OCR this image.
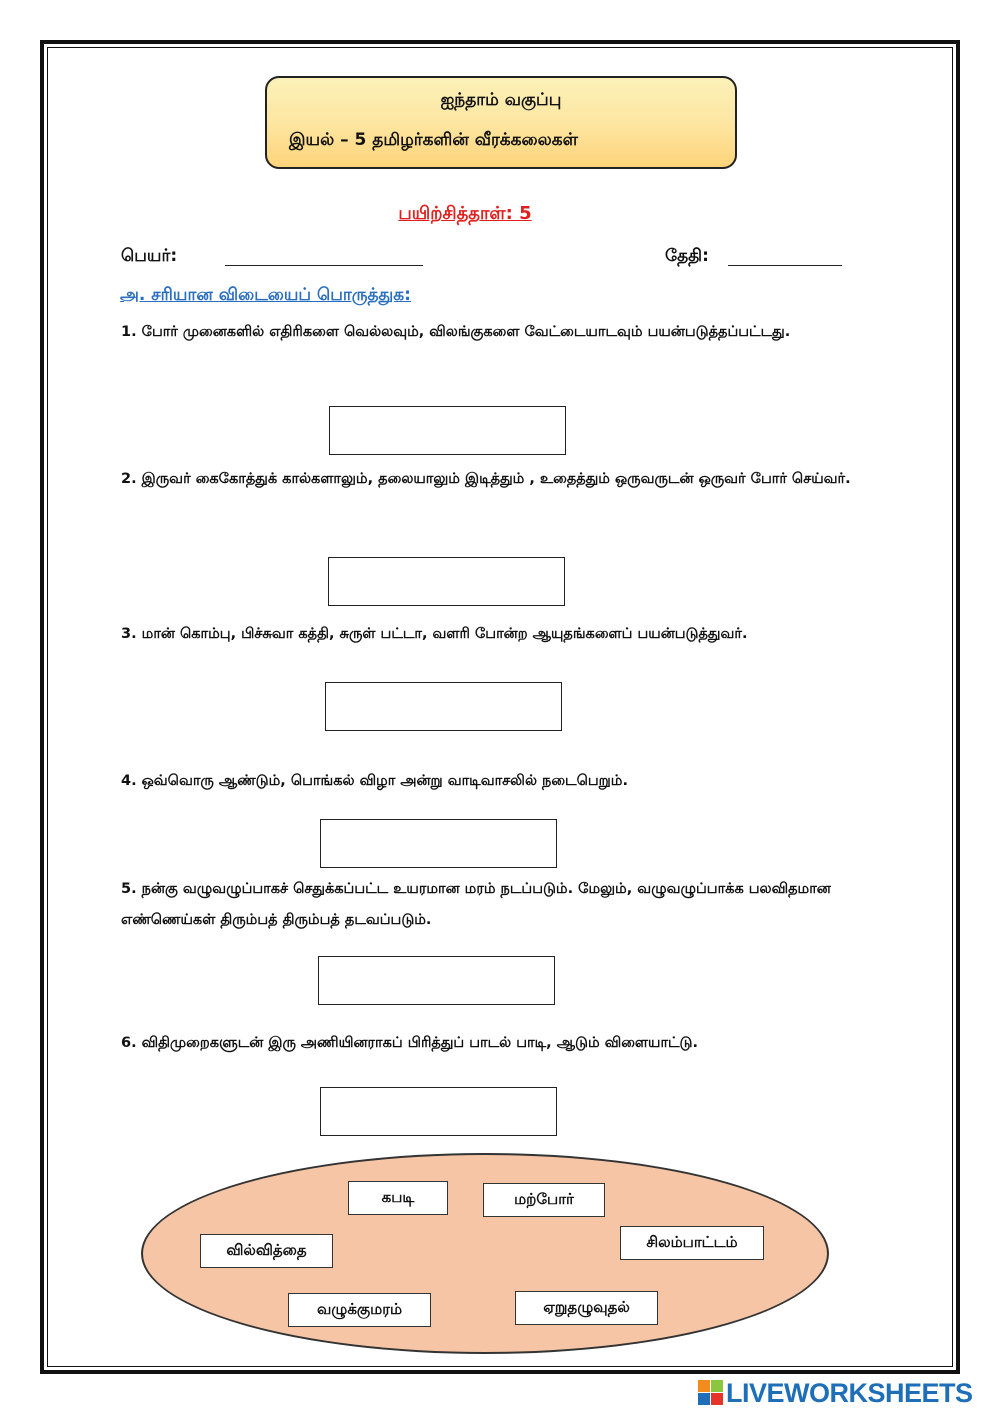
ஐந்தாம் வகுப்பு
இயல் – 5 தமிழர்களின் வீரக்கலைகள்
பயிற்சித்தாள்: 5
பெயர்:	தேதி:
அ. சரியான விடையைப் பொருத்துக:
1. போர் முனைகளில் எதிரிகளை வெல்லவும், விலங்குகளை வேட்டையாடவும் பயன்படுத்தப்பட்டது.
2. இருவர் கைகோத்துக் கால்களாலும், தலையாலும் இடித்தும் , உதைத்தும் ஒருவருடன் ஒருவர் போர் செய்வர்.
3. மான் கொம்பு, பிச்சுவா கத்தி, சுருள் பட்டா, வளரி போன்ற ஆயுதங்களைப் பயன்படுத்துவர்.
4. ஒவ்வொரு ஆண்டும், பொங்கல் விழா அன்று வாடிவாசலில் நடைபெறும்.
5. நன்கு வழுவழுப்பாகச் செதுக்கப்பட்ட உயரமான மரம் நடப்படும். மேலும், வழுவழுப்பாக்க பலவிதமான எண்ணெய்கள் திரும்பத் திரும்பத் தடவப்படும்.
6. விதிமுறைகளுடன் இரு அணியினராகப் பிரித்துப் பாடல் பாடி, ஆடும் விளையாட்டு.
கபடி	மற்போர்
வில்வித்தை	சிலம்பாட்டம்
வழுக்குமரம்	ஏறுதழுவுதல்
LIVEWORKSHEETS
